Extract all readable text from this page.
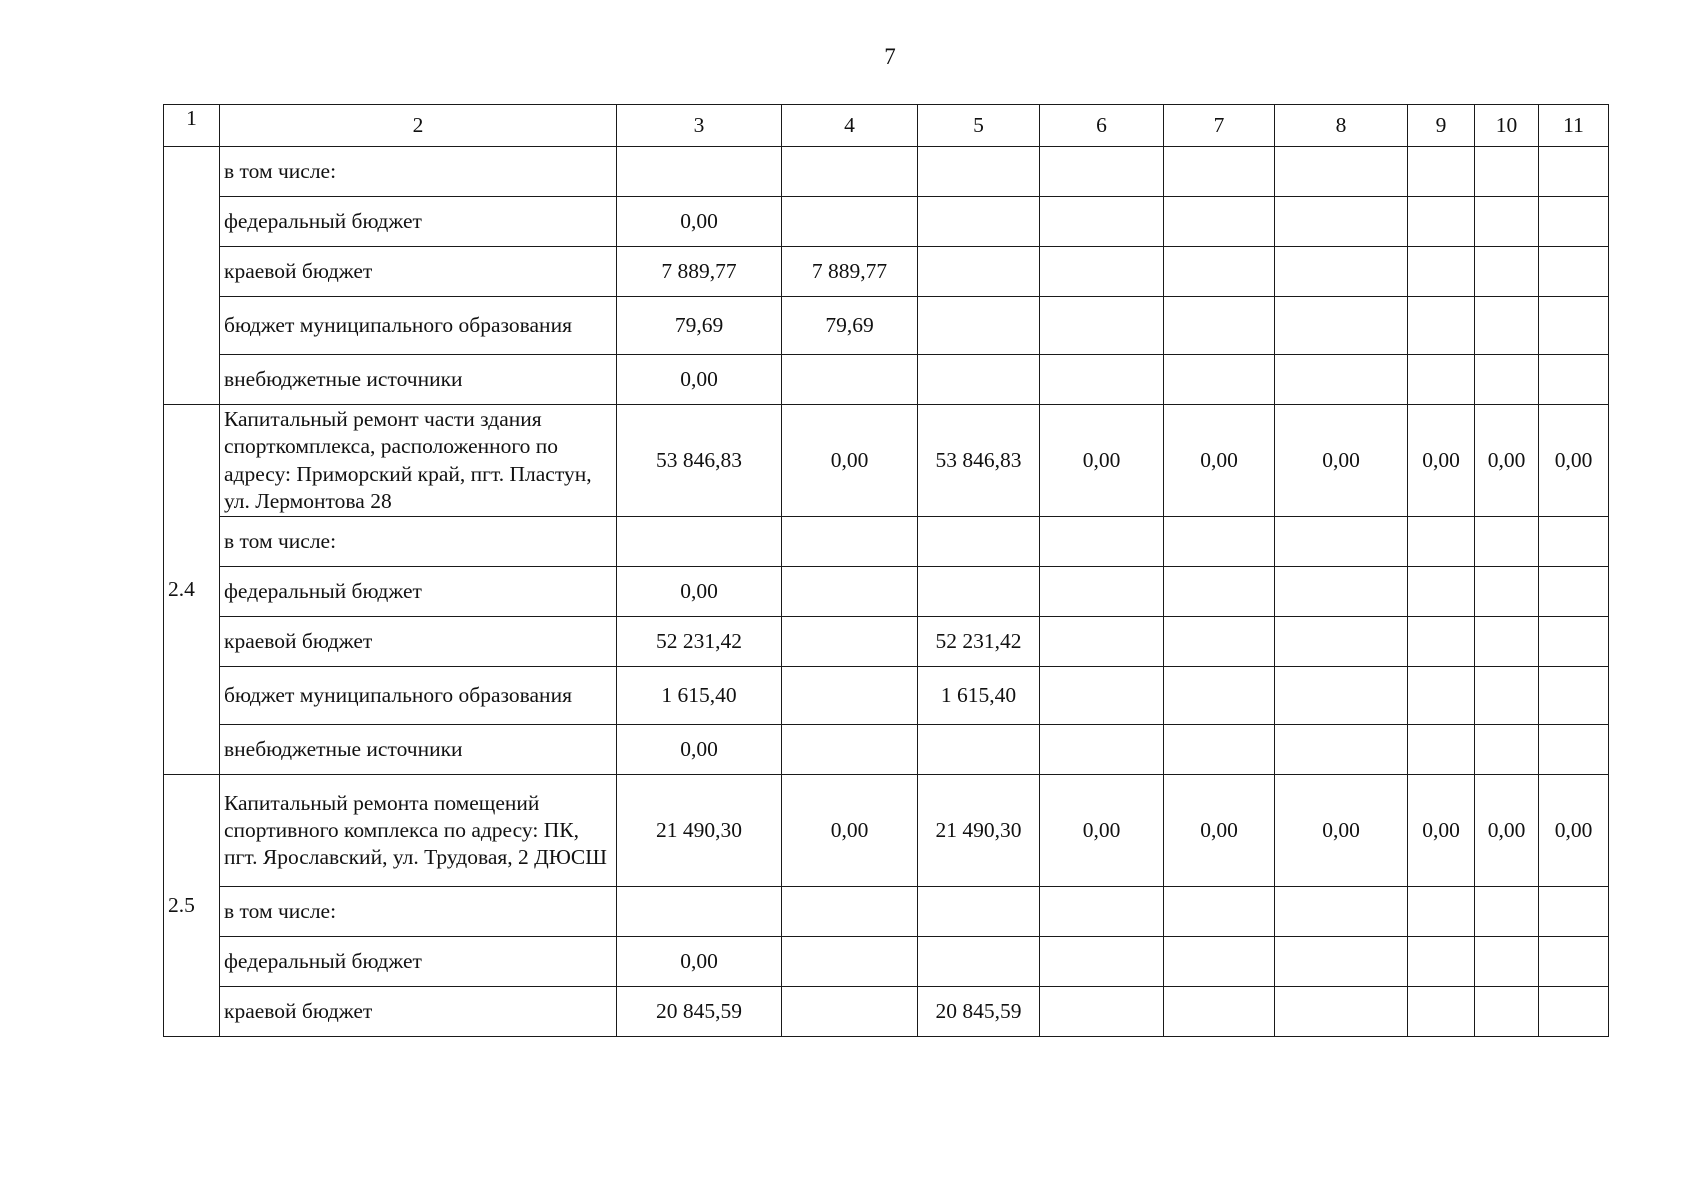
7
1	2	3	4	5	6	7	8	9	10	11
	в том числе:									
	федеральный бюджет	0,00								
	краевой бюджет	7 889,77	7 889,77							
	бюджет муниципального образования	79,69	79,69							
	внебюджетные источники	0,00								
2.4	Капитальный ремонт части здания спорткомплекса, расположенного по адресу: Приморский край, пгт. Пластун, ул. Лермонтова 28	53 846,83	0,00	53 846,83	0,00	0,00	0,00	0,00	0,00	0,00
	в том числе:									
	федеральный бюджет	0,00								
	краевой бюджет	52 231,42		52 231,42						
	бюджет муниципального образования	1 615,40		1 615,40						
	внебюджетные источники	0,00								
2.5	Капитальный ремонта помещений спортивного комплекса по адресу: ПК, пгт. Ярославский, ул. Трудовая, 2 ДЮСШ	21 490,30	0,00	21 490,30	0,00	0,00	0,00	0,00	0,00	0,00
	в том числе:									
	федеральный бюджет	0,00								
	краевой бюджет	20 845,59		20 845,59						
